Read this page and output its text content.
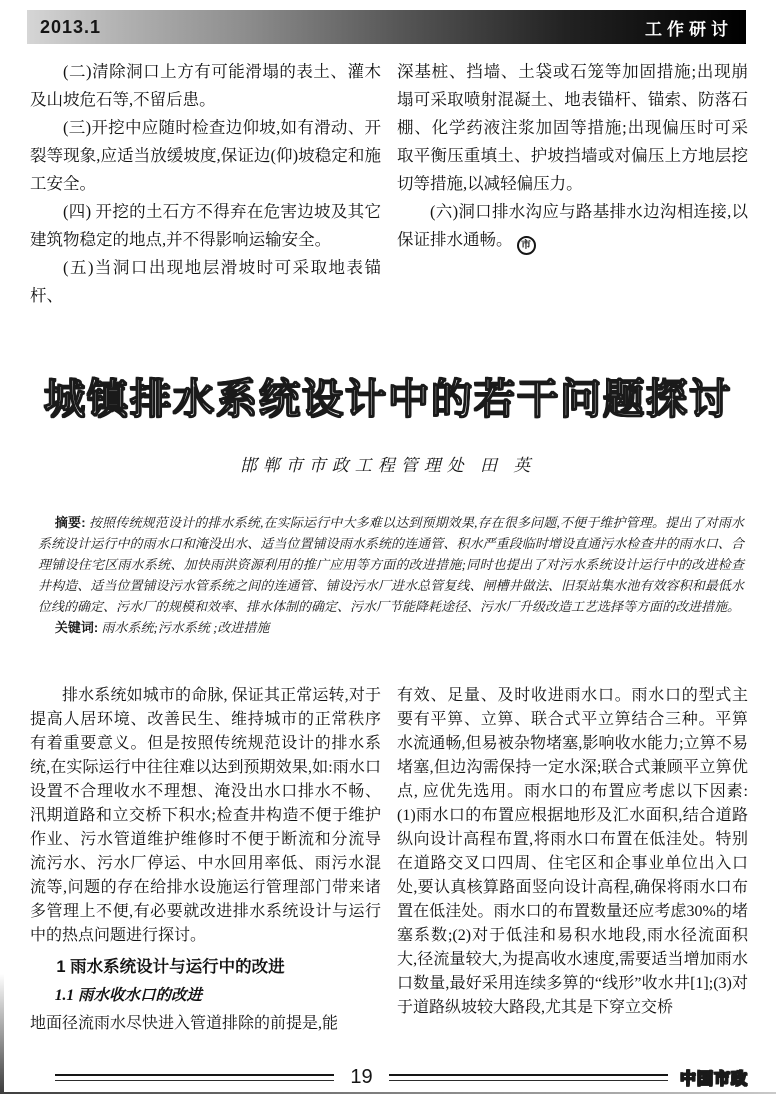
2013.1	工作研讨

(二)清除洞口上方有可能滑塌的表土、灌木及山坡危石等,不留后患。

(三)开挖中应随时检查边仰坡,如有滑动、开裂等现象,应适当放缓坡度,保证边(仰)坡稳定和施工安全。

(四) 开挖的土石方不得弃在危害边坡及其它建筑物稳定的地点,并不得影响运输安全。

(五)当洞口出现地层滑坡时可采取地表锚杆、

深基桩、挡墙、土袋或石笼等加固措施;出现崩塌可采取喷射混凝土、地表锚杆、锚索、防落石棚、化学药液注浆加固等措施;出现偏压时可采取平衡压重填土、护坡挡墙或对偏压上方地层挖切等措施,以减轻偏压力。

(六)洞口排水沟应与路基排水边沟相连接,以保证排水通畅。 市

城镇排水系统设计中的若干问题探讨
邯郸市市政工程管理处 田 英

摘要: 按照传统规范设计的排水系统,在实际运行中大多难以达到预期效果,存在很多问题,不便于维护管理。提出了对雨水系统设计运行中的雨水口和淹没出水、适当位置铺设雨水系统的连通管、积水严重段临时增设直通污水检查井的雨水口、合理铺设住宅区雨水系统、加快雨洪资源利用的推广应用等方面的改进措施;同时也提出了对污水系统设计运行中的改进检查井构造、适当位置铺设污水管系统之间的连通管、铺设污水厂进水总管复线、闸槽井做法、旧泵站集水池有效容积和最低水位线的确定、污水厂的规模和效率、排水体制的确定、污水厂节能降耗途径、污水厂升级改造工艺选择等方面的改进措施。

关键词: 雨水系统;污水系统 ;改进措施

排水系统如城市的命脉, 保证其正常运转,对于提高人居环境、改善民生、维持城市的正常秩序有着重要意义。但是按照传统规范设计的排水系统,在实际运行中往往难以达到预期效果,如:雨水口设置不合理收水不理想、淹没出水口排水不畅、汛期道路和立交桥下积水;检查井构造不便于维护作业、污水管道维护维修时不便于断流和分流导流污水、污水厂停运、中水回用率低、雨污水混流等,问题的存在给排水设施运行管理部门带来诸多管理上不便,有必要就改进排水系统设计与运行中的热点问题进行探讨。

1 雨水系统设计与运行中的改进
1.1 雨水收水口的改进

地面径流雨水尽快进入管道排除的前提是,能

有效、足量、及时收进雨水口。雨水口的型式主要有平箅、立箅、联合式平立箅结合三种。平箅水流通畅,但易被杂物堵塞,影响收水能力;立箅不易堵塞,但边沟需保持一定水深;联合式兼顾平立箅优点, 应优先选用。雨水口的布置应考虑以下因素:(1)雨水口的布置应根据地形及汇水面积,结合道路纵向设计高程布置,将雨水口布置在低洼处。特别在道路交叉口四周、住宅区和企事业单位出入口处,要认真核算路面竖向设计高程,确保将雨水口布置在低洼处。雨水口的布置数量还应考虑30%的堵塞系数;(2)对于低洼和易积水地段,雨水径流面积大,径流量较大,为提高收水速度,需要适当增加雨水口数量,最好采用连续多箅的“线形”收水井[1];(3)对于道路纵坡较大路段,尤其是下穿立交桥

19	中国市政
